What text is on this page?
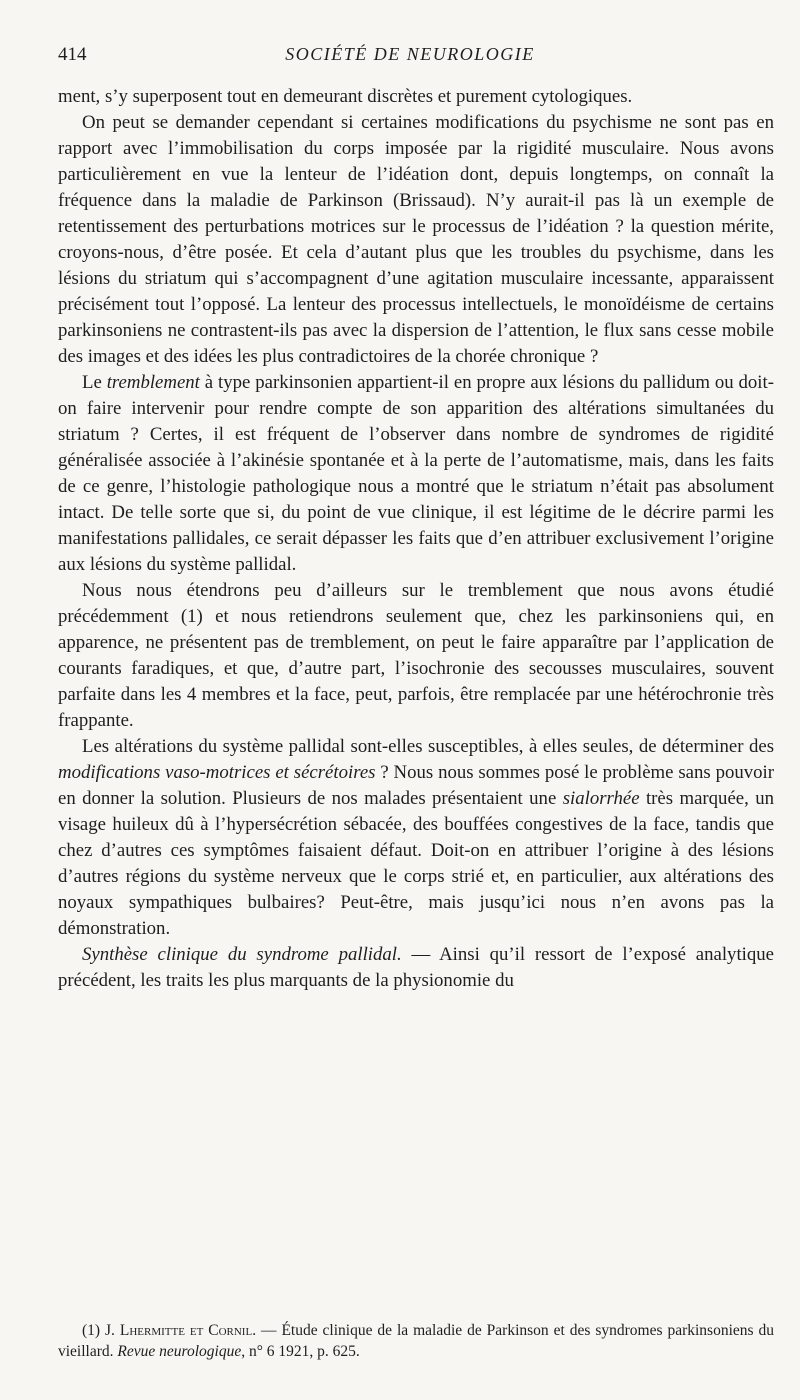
414	SOCIÉTÉ DE NEUROLOGIE

ment, s’y superposent tout en demeurant discrètes et purement cytologiques.

On peut se demander cependant si certaines modifications du psychisme ne sont pas en rapport avec l’immobilisation du corps imposée par la rigidité musculaire. Nous avons particulièrement en vue la lenteur de l’idéation dont, depuis longtemps, on connaît la fréquence dans la maladie de Parkinson (Brissaud). N’y aurait-il pas là un exemple de retentissement des perturbations motrices sur le processus de l’idéation ? la question mérite, croyons-nous, d’être posée. Et cela d’autant plus que les troubles du psychisme, dans les lésions du striatum qui s’accompagnent d’une agitation musculaire incessante, apparaissent précisément tout l’opposé. La lenteur des processus intellectuels, le monoïdéisme de certains parkinsoniens ne contrastent-ils pas avec la dispersion de l’attention, le flux sans cesse mobile des images et des idées les plus contradictoires de la chorée chronique ?

Le tremblement à type parkinsonien appartient-il en propre aux lésions du pallidum ou doit-on faire intervenir pour rendre compte de son apparition des altérations simultanées du striatum ? Certes, il est fréquent de l’observer dans nombre de syndromes de rigidité généralisée associée à l’akinésie spontanée et à la perte de l’automatisme, mais, dans les faits de ce genre, l’histologie pathologique nous a montré que le striatum n’était pas absolument intact. De telle sorte que si, du point de vue clinique, il est légitime de le décrire parmi les manifestations pallidales, ce serait dépasser les faits que d’en attribuer exclusivement l’origine aux lésions du système pallidal.

Nous nous étendrons peu d’ailleurs sur le tremblement que nous avons étudié précédemment (1) et nous retiendrons seulement que, chez les parkinsoniens qui, en apparence, ne présentent pas de tremblement, on peut le faire apparaître par l’application de courants faradiques, et que, d’autre part, l’isochronie des secousses musculaires, souvent parfaite dans les 4 membres et la face, peut, parfois, être remplacée par une hétérochronie très frappante.

Les altérations du système pallidal sont-elles susceptibles, à elles seules, de déterminer des modifications vaso-motrices et sécrétoires ? Nous nous sommes posé le problème sans pouvoir en donner la solution. Plusieurs de nos malades présentaient une sialorrhée très marquée, un visage huileux dû à l’hypersécrétion sébacée, des bouffées congestives de la face, tandis que chez d’autres ces symptômes faisaient défaut. Doit-on en attribuer l’origine à des lésions d’autres régions du système nerveux que le corps strié et, en particulier, aux altérations des noyaux sympathiques bulbaires? Peut-être, mais jusqu’ici nous n’en avons pas la démonstration.

Synthèse clinique du syndrome pallidal. — Ainsi qu’il ressort de l’exposé analytique précédent, les traits les plus marquants de la physionomie du

(1) J. Lhermitte et Cornil. — Étude clinique de la maladie de Parkinson et des syndromes parkinsoniens du vieillard. Revue neurologique, n° 6 1921, p. 625.
